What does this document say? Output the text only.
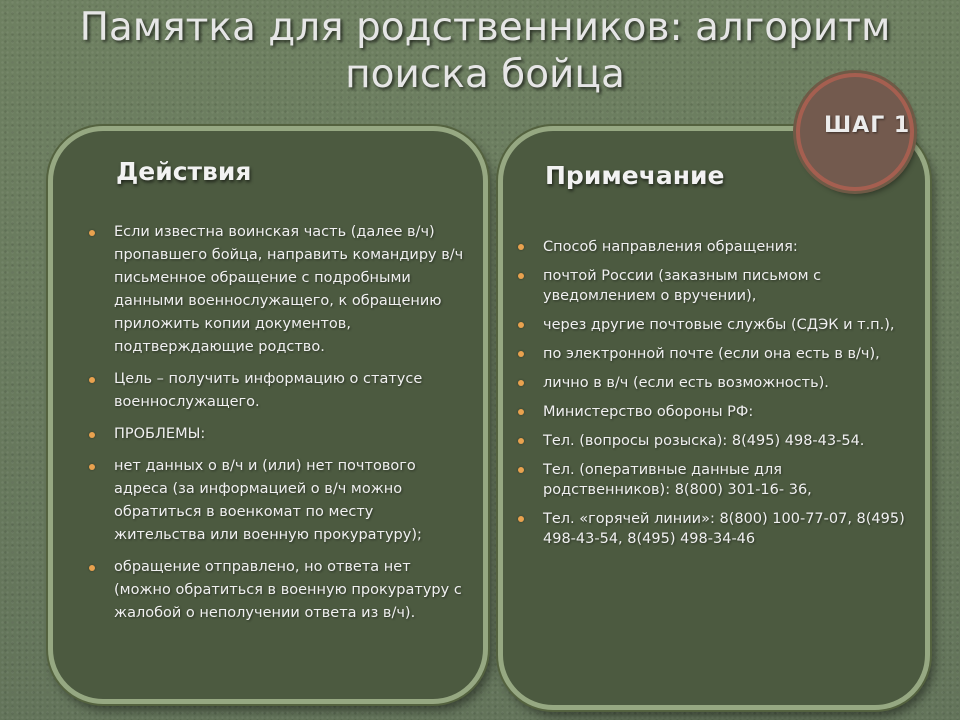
Памятка для родственников: алгоритм поиска бойца
Действия
Если известна воинская часть (далее в/ч) пропавшего бойца, направить командиру в/ч письменное обращение с подробными данными военнослужащего, к обращению приложить копии документов, подтверждающие родство.
Цель – получить информацию о статусе военнослужащего.
ПРОБЛЕМЫ:
нет данных о в/ч и (или) нет почтового адреса (за информацией о в/ч можно обратиться в военкомат по месту жительства или военную прокуратуру);
обращение отправлено, но ответа нет (можно обратиться в военную прокуратуру с жалобой о неполучении ответа из в/ч).
Примечание
Способ направления обращения:
почтой России (заказным письмом с уведомлением о вручении),
через другие почтовые службы (СДЭК и т.п.),
по электронной почте (если она есть в в/ч),
лично в в/ч (если есть возможность).
Министерство обороны РФ:
Тел. (вопросы розыска): 8(495) 498-43-54.
Тел. (оперативные данные для родственников): 8(800) 301-16- 36,
Тел. «горячей линии»: 8(800) 100-77-07, 8(495) 498-43-54, 8(495) 498-34-46
ШАГ 1
